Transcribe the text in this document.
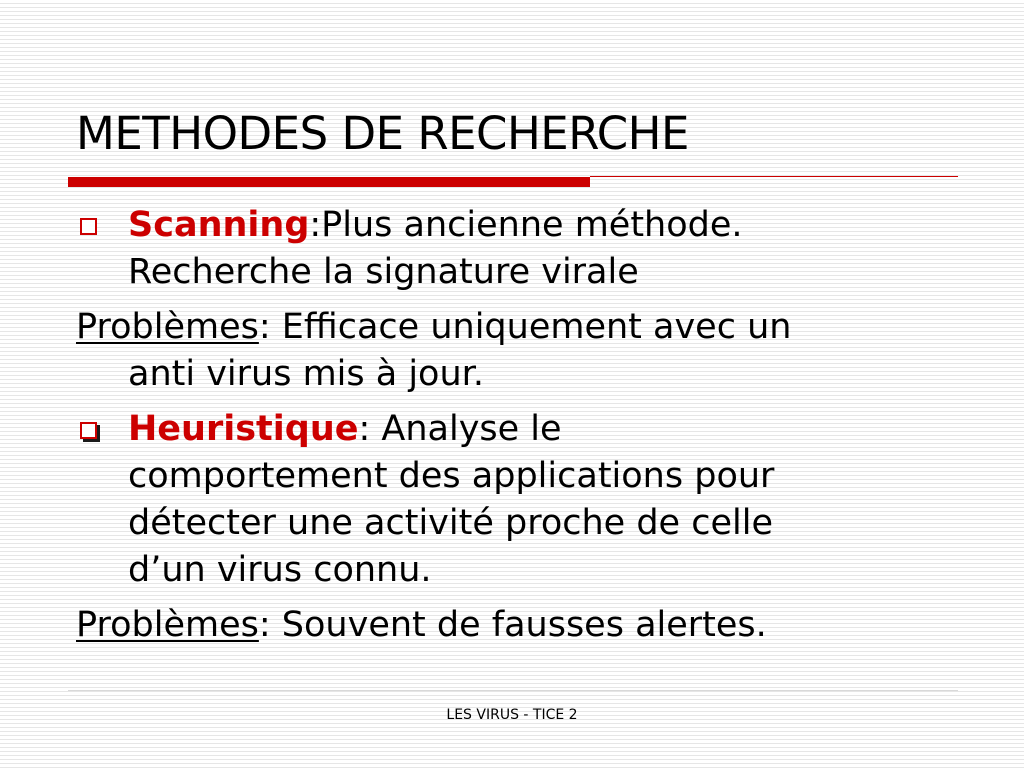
METHODES DE RECHERCHE

Scanning:Plus ancienne méthode.
Recherche la signature virale

Problèmes: Efficace uniquement avec un
anti virus mis à jour.

Heuristique: Analyse le
comportement des applications pour
détecter une activité proche de celle
d’un virus connu.

Problèmes: Souvent de fausses alertes.

LES VIRUS - TICE 2
